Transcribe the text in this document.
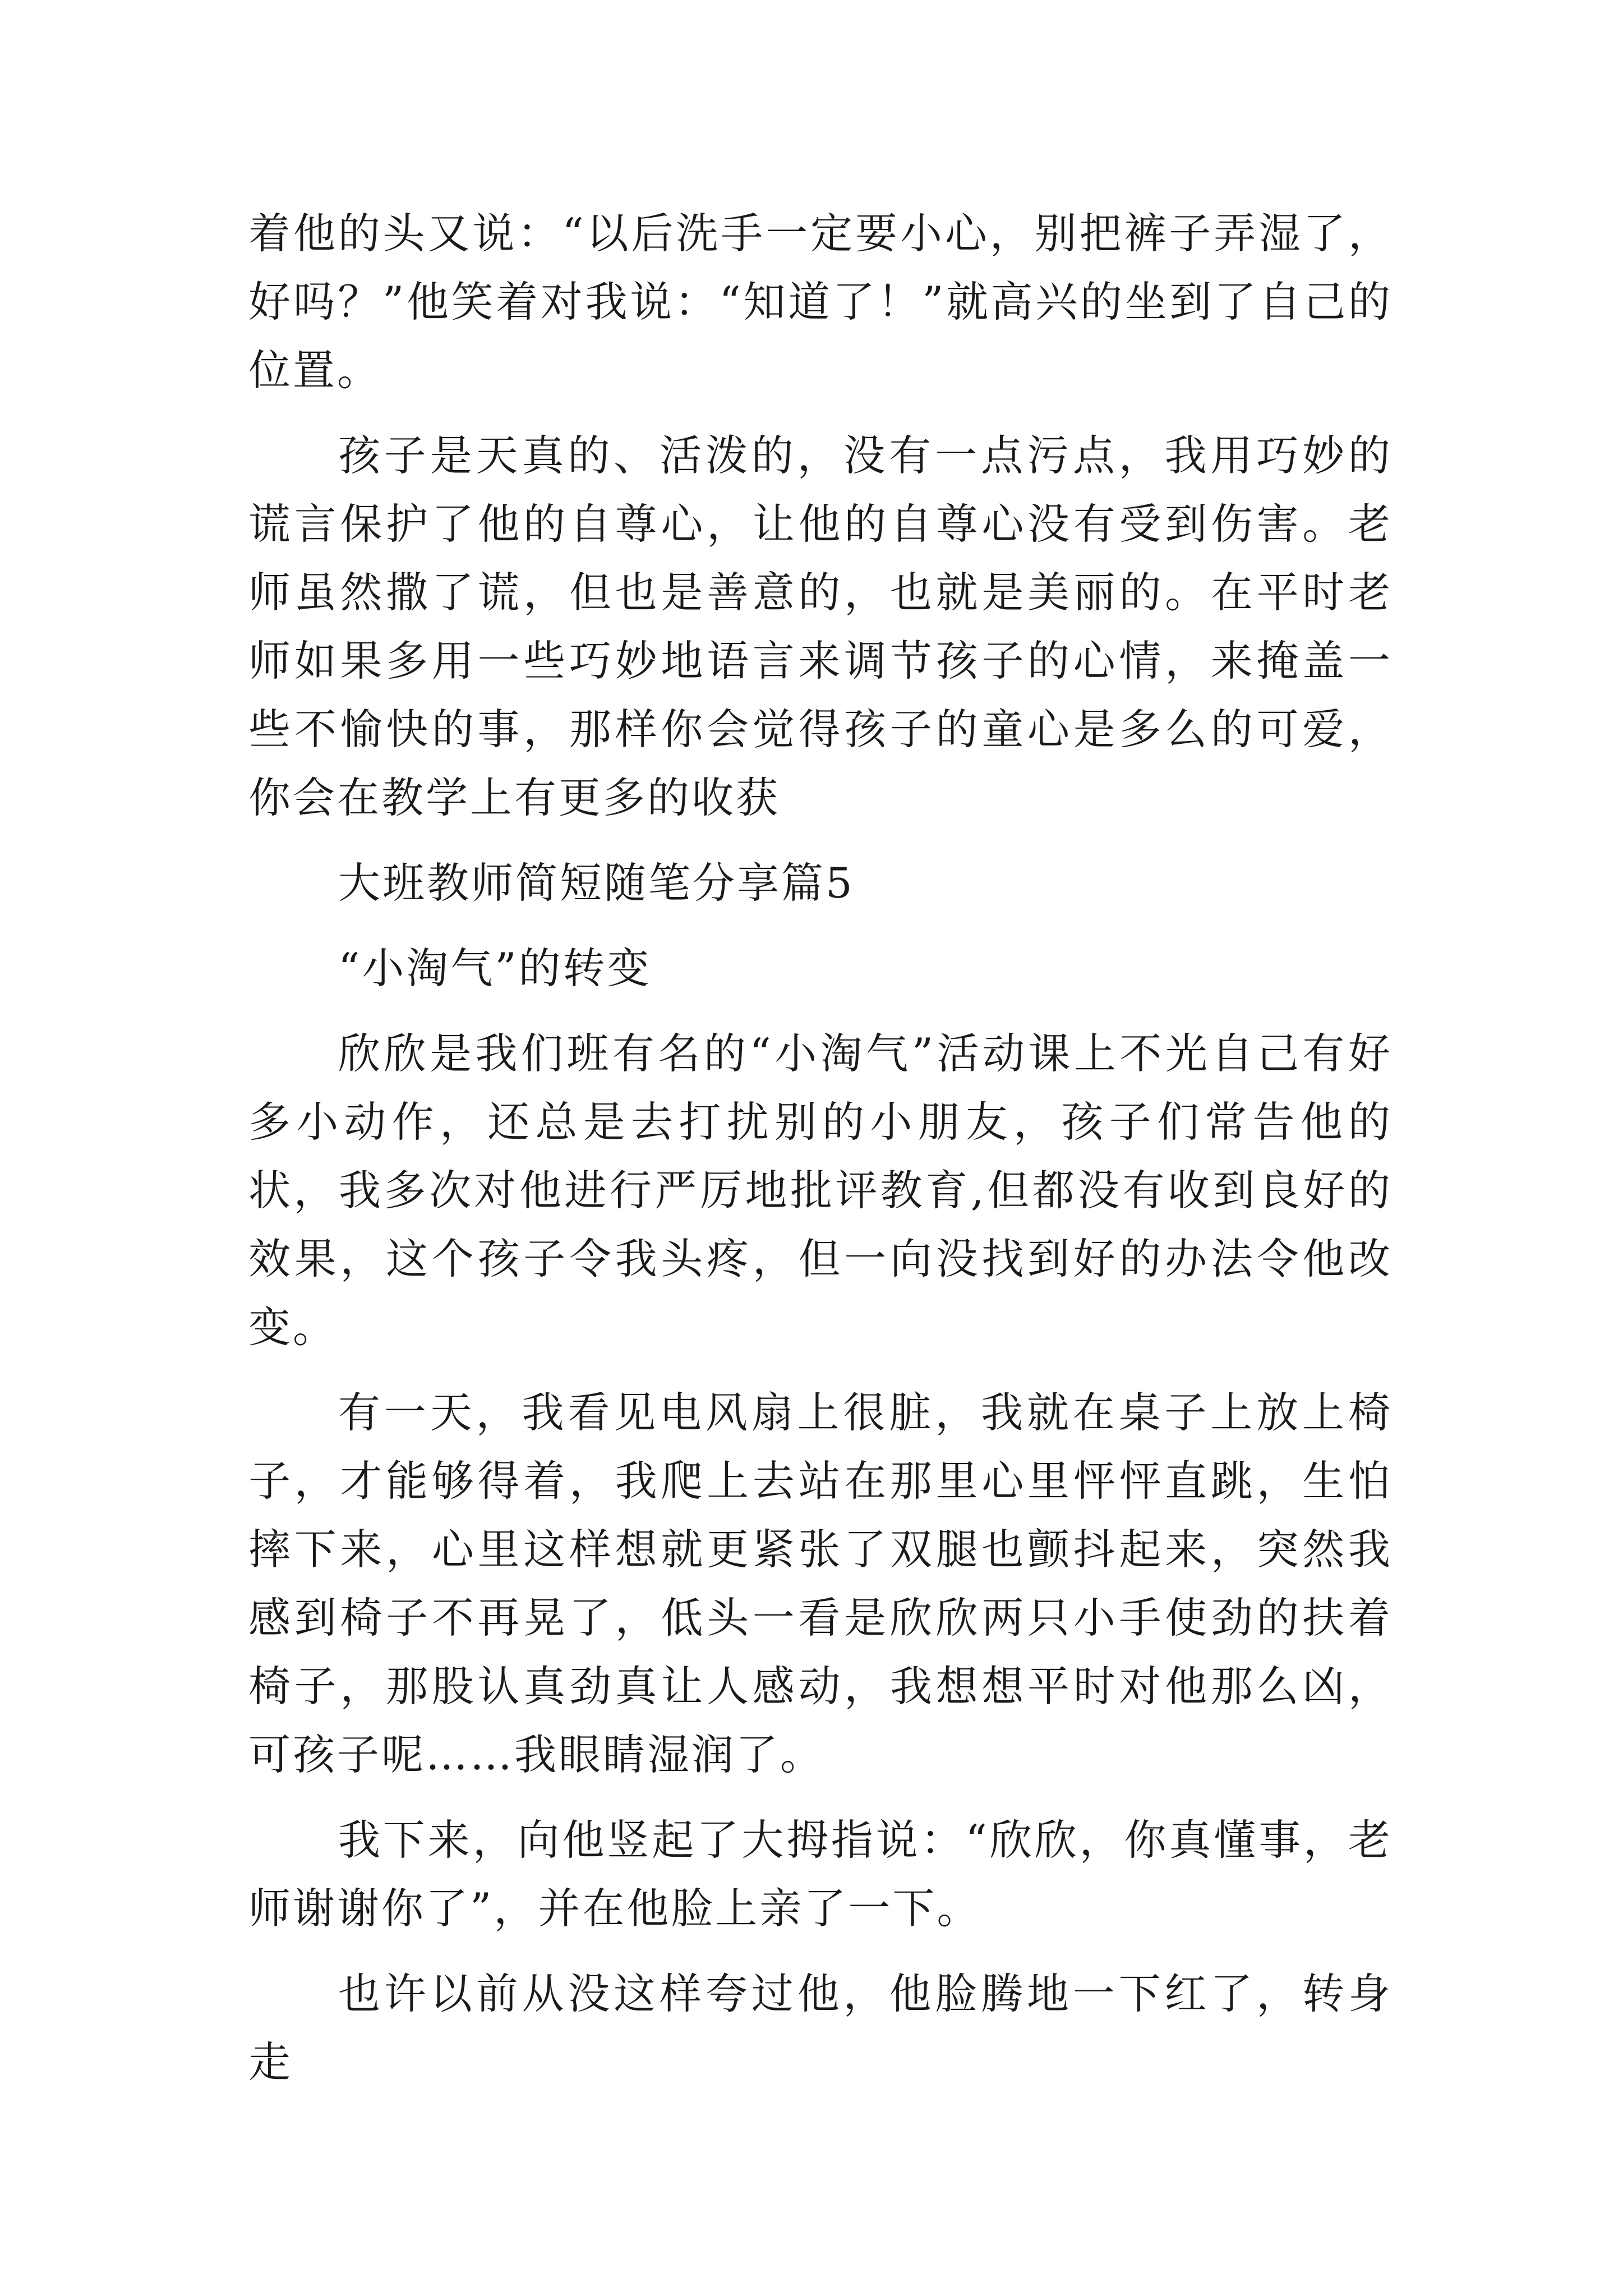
着他的头又说：“以后洗手一定要小心，别把裤子弄湿了，好吗？”他笑着对我说：“知道了！”就高兴的坐到了自己的位置。

孩子是天真的、活泼的，没有一点污点，我用巧妙的谎言保护了他的自尊心，让他的自尊心没有受到伤害。老师虽然撒了谎，但也是善意的，也就是美丽的。在平时老师如果多用一些巧妙地语言来调节孩子的心情，来掩盖一些不愉快的事，那样你会觉得孩子的童心是多么的可爱，你会在教学上有更多的收获

大班教师简短随笔分享篇5

“小淘气”的转变

欣欣是我们班有名的“小淘气”活动课上不光自己有好多小动作，还总是去打扰别的小朋友，孩子们常告他的状，我多次对他进行严厉地批评教育,但都没有收到良好的效果，这个孩子令我头疼，但一向没找到好的办法令他改变。

有一天，我看见电风扇上很脏，我就在桌子上放上椅子，才能够得着，我爬上去站在那里心里怦怦直跳，生怕摔下来，心里这样想就更紧张了双腿也颤抖起来，突然我感到椅子不再晃了，低头一看是欣欣两只小手使劲的扶着椅子，那股认真劲真让人感动，我想想平时对他那么凶，可孩子呢……我眼睛湿润了。

我下来，向他竖起了大拇指说：“欣欣，你真懂事，老师谢谢你了”，并在他脸上亲了一下。

也许以前从没这样夸过他，他脸腾地一下红了，转身走
